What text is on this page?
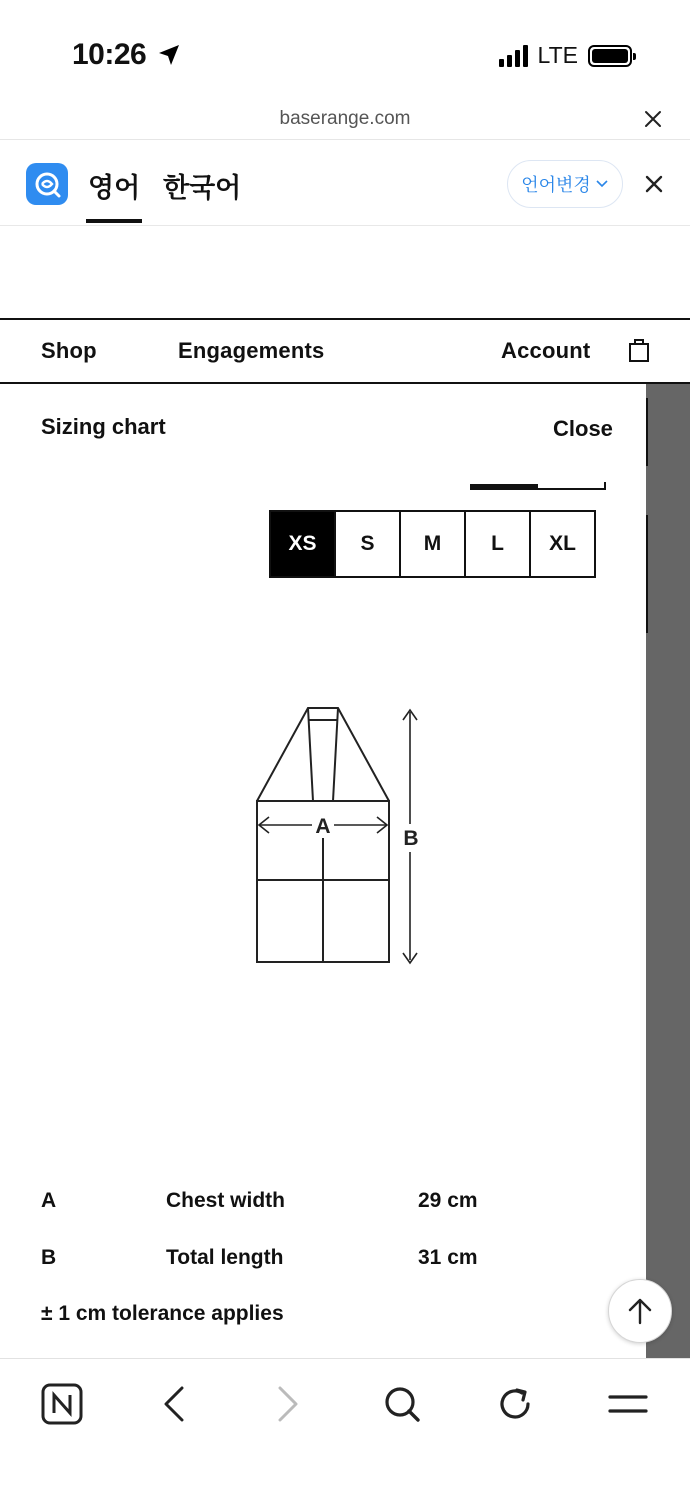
10:26	LTE
baserange.com
영어 한국어	언어변경
Shop	Engagements	Account
Sizing chart	Close
XS	S	M	L	XL
A
B
A	Chest width	29 cm
B	Total length	31 cm
± 1 cm tolerance applies
